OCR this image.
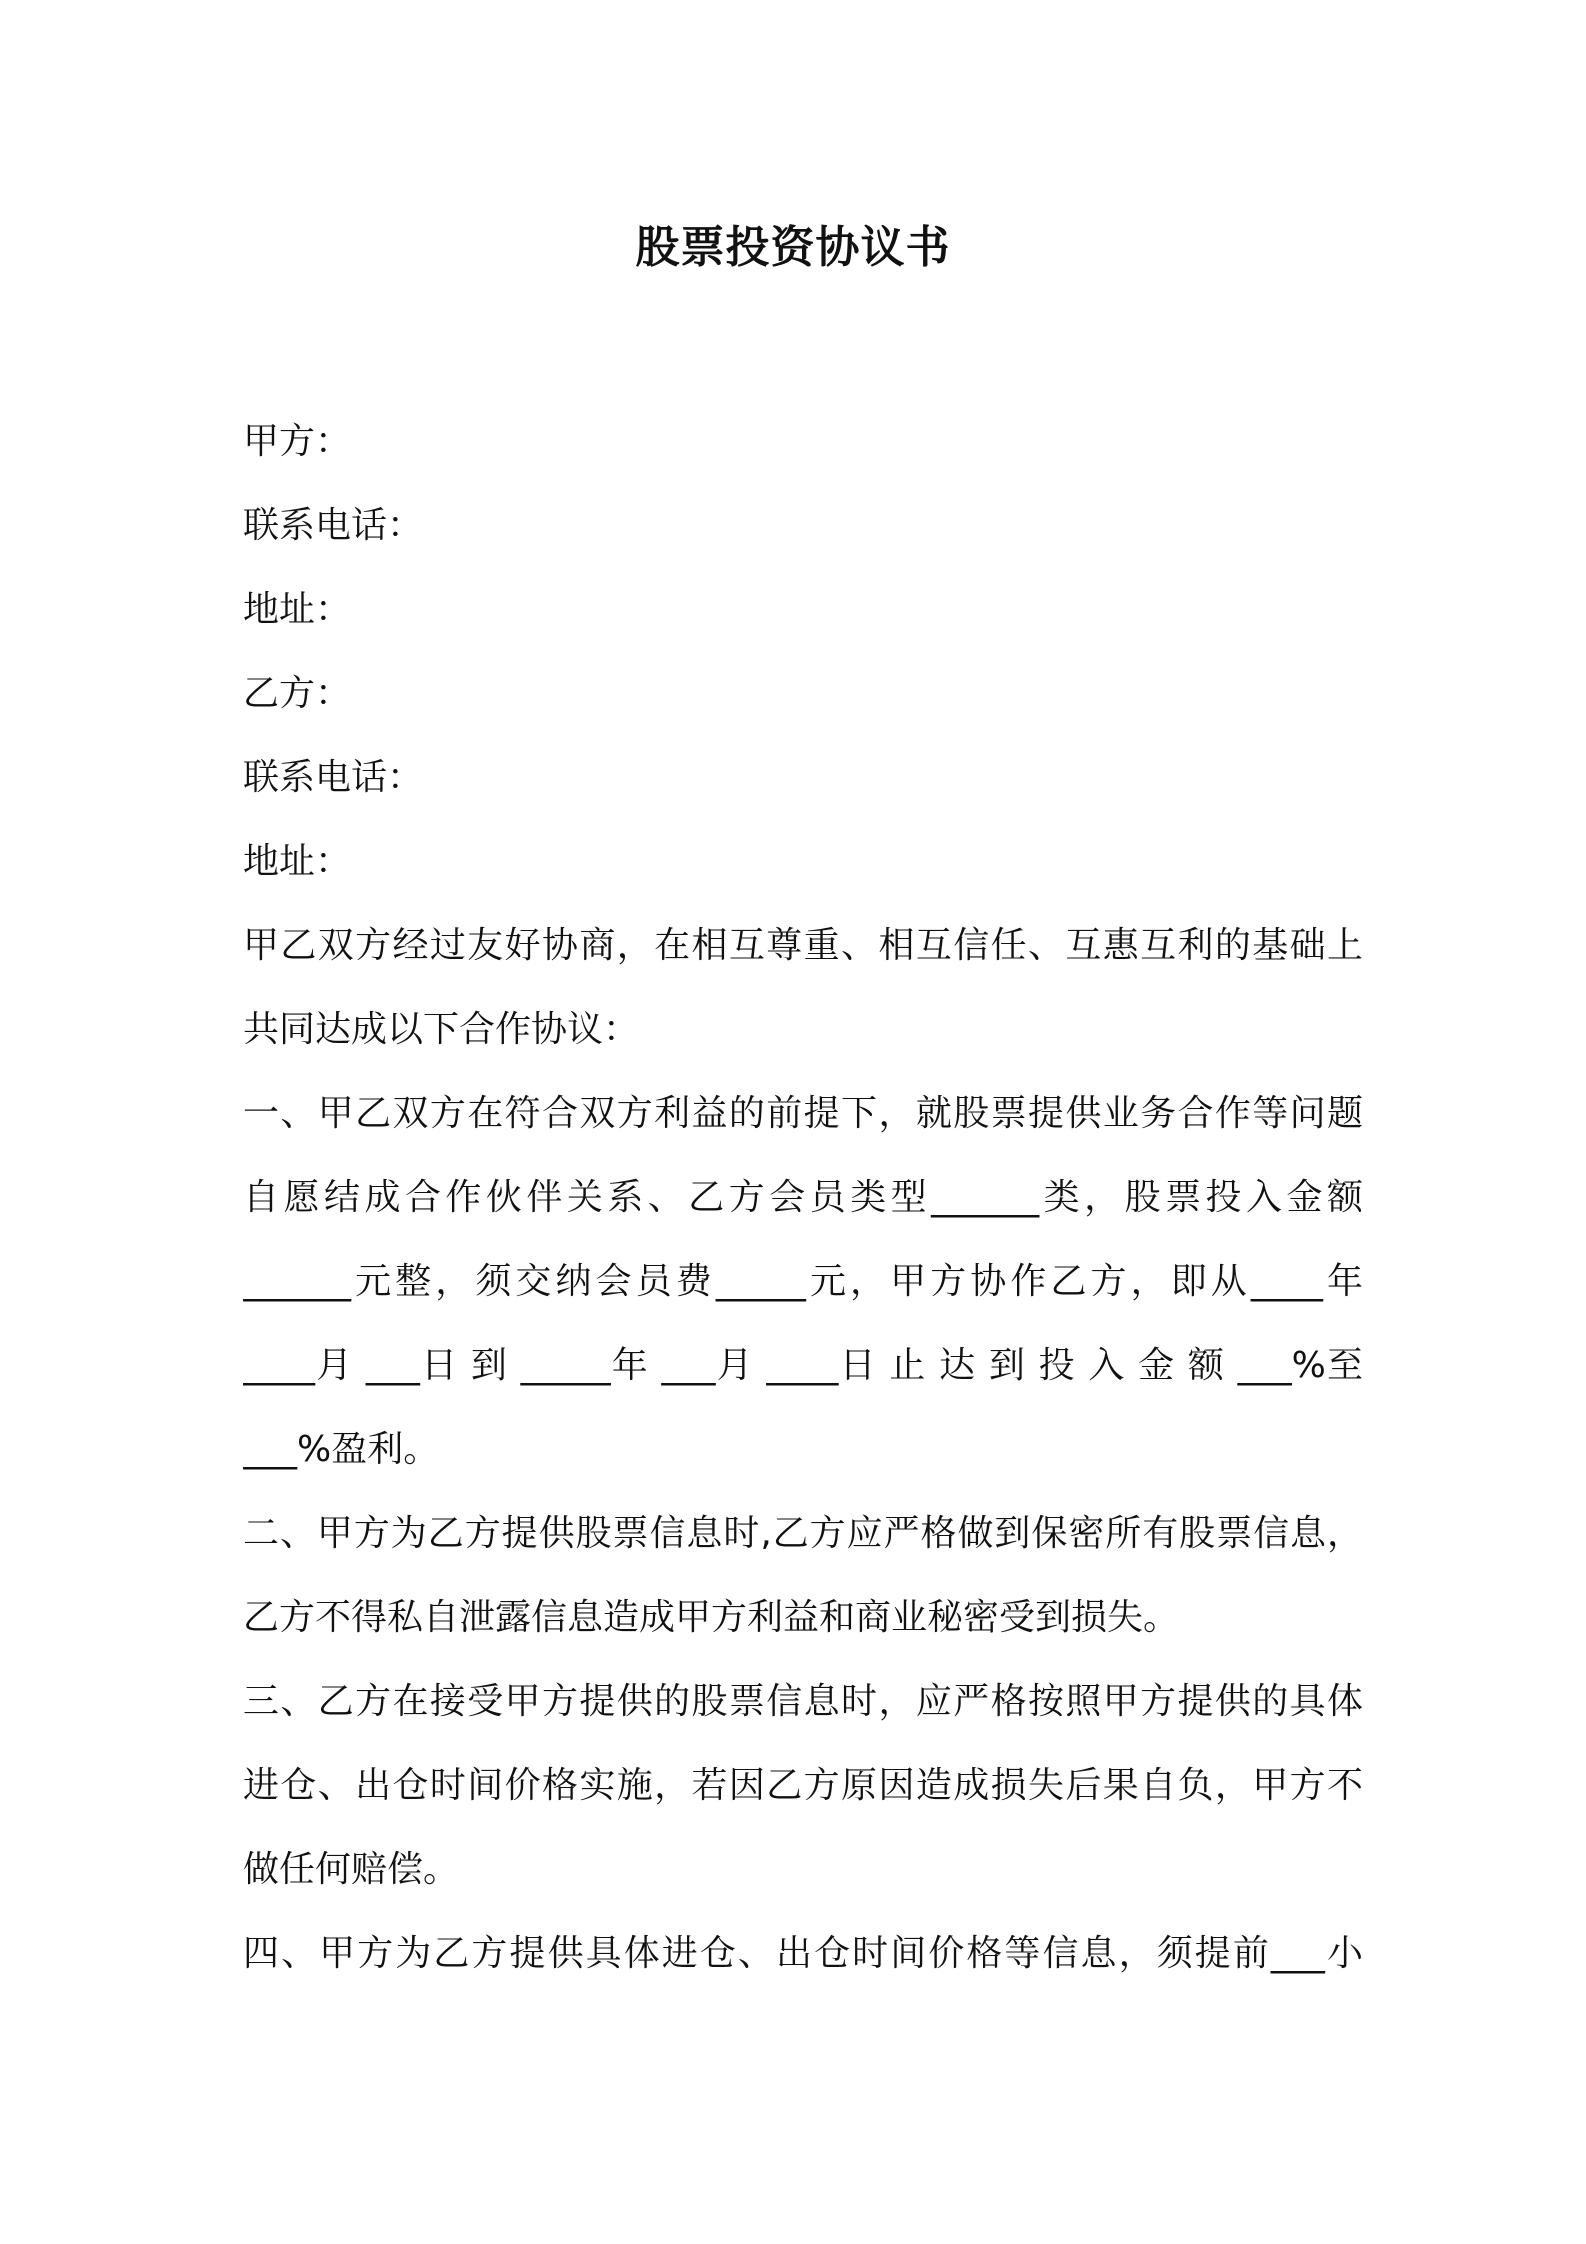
股票投资协议书
甲方：
联系电话：
地址：
乙方：
联系电话：
地址：
甲乙双方经过友好协商，在相互尊重、相互信任、互惠互利的基础上
共同达成以下合作协议：
一、甲乙双方在符合双方利益的前提下，就股票提供业务合作等问题
自愿结成合作伙伴关系、乙方会员类型______类，股票投入金额
______元整，须交纳会员费_____元，甲方协作乙方，即从____年
____月 ___日 到 _____年 ___月 ____日 止 达 到 投 入 金 额 ___%至
___%盈利。
二、甲方为乙方提供股票信息时,乙方应严格做到保密所有股票信息，
乙方不得私自泄露信息造成甲方利益和商业秘密受到损失。
三、乙方在接受甲方提供的股票信息时，应严格按照甲方提供的具体
进仓、出仓时间价格实施，若因乙方原因造成损失后果自负，甲方不
做任何赔偿。
四、甲方为乙方提供具体进仓、出仓时间价格等信息，须提前___小
